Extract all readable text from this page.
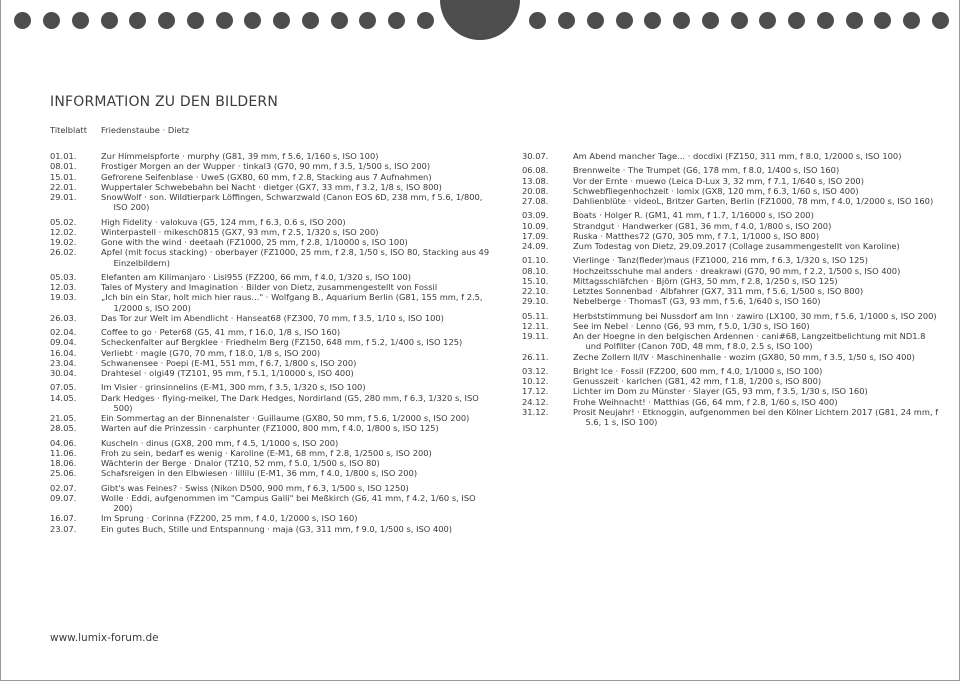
INFORMATION ZU DEN BILDERN
Titelblatt Friedenstaube · Dietz
01.01.	Zur Himmelspforte · murphy (G81, 39 mm, f 5.6, 1/160 s, ISO 100)
08.01.	Frostiger Morgen an der Wupper · tinkal3 (G70, 90 mm, f 3.5, 1/500 s, ISO 200)
15.01.	Gefrorene Seifenblase · UweS (GX80, 60 mm, f 2.8, Stacking aus 7 Aufnahmen)
22.01.	Wuppertaler Schwebebahn bei Nacht · dietger (GX7, 33 mm, f 3.2, 1/8 s, ISO 800)
29.01.	SnowWolf · son. Wildtierpark Löffingen, Schwarzwald (Canon EOS 6D, 238 mm, f 5.6, 1/800, ISO 200)
05.02.	High Fidelity · valokuva (G5, 124 mm, f 6.3, 0.6 s, ISO 200)
12.02.	Winterpastell · mikesch0815 (GX7, 93 mm, f 2.5, 1/320 s, ISO 200)
19.02.	Gone with the wind · deetaah (FZ1000, 25 mm, f 2.8, 1/10000 s, ISO 100)
26.02.	Apfel (mit focus stacking) · oberbayer (FZ1000, 25 mm, f 2.8, 1/50 s, ISO 80, Stacking aus 49 Einzelbildern)
05.03.	Elefanten am Kilimanjaro · Lisl955 (FZ200, 66 mm, f 4.0, 1/320 s, ISO 100)
12.03.	Tales of Mystery and Imagination · Bilder von Dietz, zusammengestellt von Fossil
19.03.	„Ich bin ein Star, holt mich hier raus..." · Wolfgang B., Aquarium Berlin (G81, 155 mm, f 2.5, 1/2000 s, ISO 200)
26.03.	Das Tor zur Welt im Abendlicht · Hanseat68 (FZ300, 70 mm, f 3.5, 1/10 s, ISO 100)
02.04.	Coffee to go · Peter68 (G5, 41 mm, f 16.0, 1/8 s, ISO 160)
09.04.	Scheckenfalter auf Bergklee · Friedhelm Berg (FZ150, 648 mm, f 5.2, 1/400 s, ISO 125)
16.04.	Verliebt · magle (G70, 70 mm, f 18.0, 1/8 s, ISO 200)
23.04.	Schwanensee · Poepi (E-M1, 551 mm, f 6.7, 1/800 s, ISO 200)
30.04.	Drahtesel · olgi49 (TZ101, 95 mm, f 5.1, 1/10000 s, ISO 400)
07.05.	Im Visier · grinsinnelins (E-M1, 300 mm, f 3.5, 1/320 s, ISO 100)
14.05.	Dark Hedges · flying-meikel, The Dark Hedges, Nordirland (G5, 280 mm, f 6.3, 1/320 s, ISO 500)
21.05.	Ein Sommertag an der Binnenalster · Guillaume (GX80, 50 mm, f 5.6, 1/2000 s, ISO 200)
28.05.	Warten auf die Prinzessin · carphunter (FZ1000, 800 mm, f 4.0, 1/800 s, ISO 125)
04.06.	Kuscheln · dinus (GX8, 200 mm, f 4.5, 1/1000 s, ISO 200)
11.06.	Froh zu sein, bedarf es wenig · Karoline (E-M1, 68 mm, f 2.8, 1/2500 s, ISO 200)
18.06.	Wächterin der Berge · Dnalor (TZ10, 52 mm, f 5.0, 1/500 s, ISO 80)
25.06.	Schafsreigen in den Elbwiesen · lillilu (E-M1, 36 mm, f 4.0, 1/800 s, ISO 200)
02.07.	Gibt's was Feines? · Swiss (Nikon D500, 900 mm, f 6.3, 1/500 s, ISO 1250)
09.07.	Wolle · Eddi, aufgenommen im "Campus Galli" bei Meßkirch (G6, 41 mm, f 4.2, 1/60 s, ISO 200)
16.07.	Im Sprung · Corinna (FZ200, 25 mm, f 4.0, 1/2000 s, ISO 160)
23.07.	Ein gutes Buch, Stille und Entspannung · maja (G3, 311 mm, f 9.0, 1/500 s, ISO 400)
30.07.	Am Abend mancher Tage... · docdixi (FZ150, 311 mm, f 8.0, 1/2000 s, ISO 100)
06.08.	Brennweite · The Trumpet (G6, 178 mm, f 8.0, 1/400 s, ISO 160)
13.08.	Vor der Ernte · muewo (Leica D-Lux 3, 32 mm, f 7.1, 1/640 s, ISO 200)
20.08.	Schwebfliegenhochzeit · lomix (GX8, 120 mm, f 6.3, 1/60 s, ISO 400)
27.08.	Dahlienblüte · videoL, Britzer Garten, Berlin (FZ1000, 78 mm, f 4.0, 1/2000 s, ISO 160)
03.09.	Boats · Holger R. (GM1, 41 mm, f 1.7, 1/16000 s, ISO 200)
10.09.	Strandgut · Handwerker (G81, 36 mm, f 4.0, 1/800 s, ISO 200)
17.09.	Ruska · Matthes72 (G70, 305 mm, f 7.1, 1/1000 s, ISO 800)
24.09.	Zum Todestag von Dietz, 29.09.2017 (Collage zusammengestellt von Karoline)
01.10.	Vierlinge · Tanz(fleder)maus (FZ1000, 216 mm, f 6.3, 1/320 s, ISO 125)
08.10.	Hochzeitsschuhe mal anders · dreakrawi (G70, 90 mm, f 2.2, 1/500 s, ISO 400)
15.10.	Mittagsschläfchen · Björn (GH3, 50 mm, f 2.8, 1/250 s, ISO 125)
22.10.	Letztes Sonnenbad · Albfahrer (GX7, 311 mm, f 5.6, 1/500 s, ISO 800)
29.10.	Nebelberge · ThomasT (G3, 93 mm, f 5.6, 1/640 s, ISO 160)
05.11.	Herbststimmung bei Nussdorf am Inn · zawiro (LX100, 30 mm, f 5.6, 1/1000 s, ISO 200)
12.11.	See im Nebel · Lenno (G6, 93 mm, f 5.0, 1/30 s, ISO 160)
19.11.	An der Hoegne in den belgischen Ardennen · cani#68, Langzeitbelichtung mit ND1.8 und Polfilter (Canon 70D, 48 mm, f 8.0, 2.5 s, ISO 100)
26.11.	Zeche Zollern II/IV · Maschinenhalle · wozim (GX80, 50 mm, f 3.5, 1/50 s, ISO 400)
03.12.	Bright Ice · Fossil (FZ200, 600 mm, f 4.0, 1/1000 s, ISO 100)
10.12.	Genusszeit · karlchen (G81, 42 mm, f 1.8, 1/200 s, ISO 800)
17.12.	Lichter im Dom zu Münster · Slayer (G5, 93 mm, f 3.5, 1/30 s, ISO 160)
24.12.	Frohe Weihnacht! · Matthias (G6, 64 mm, f 2.8, 1/60 s, ISO 400)
31.12.	Prosit Neujahr! · Etknoggin, aufgenommen bei den Kölner Lichtern 2017 (G81, 24 mm, f 5.6, 1 s, ISO 100)
www.lumix-forum.de
